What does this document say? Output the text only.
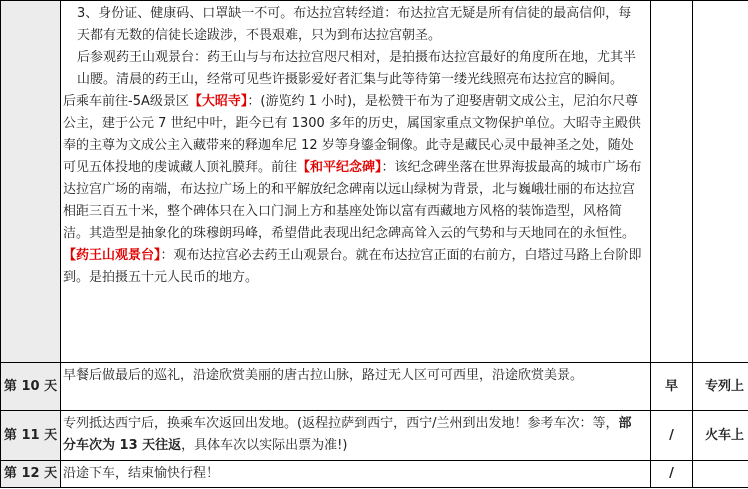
	3、身份证、健康码、口罩缺一不可。布达拉宫转经道：布达拉宫无疑是所有信徒的最高信仰，每天都有无数的信徒长途跋涉，不畏艰难，只为到布达拉宫朝圣。

后参观药王山观景台：药王山与与布达拉宫咫尺相对，是拍摄布达拉宫最好的角度所在地，尤其半山腰。清晨的药王山，经常可见些许摄影爱好者汇集与此等待第一缕光线照亮布达拉宫的瞬间。

后乘车前往-5A级景区【大昭寺】：(游览约 1 小时)，是松赞干布为了迎娶唐朝文成公主，尼泊尔尺尊公主，建于公元 7 世纪中叶，距今已有 1300 多年的历史，属国家重点文物保护单位。大昭寺主殿供奉的主尊为文成公主入藏带来的释迦牟尼 12 岁等身鎏金铜像。此寺是藏民心灵中最神圣之处，随处可见五体投地的虔诚藏人顶礼膜拜。前往【和平纪念碑】：该纪念碑坐落在世界海拔最高的城市广场布达拉宫广场的南端，布达拉广场上的和平解放纪念碑南以远山绿树为背景，北与巍峨壮丽的布达拉宫相距三百五十米，整个碑体只在入口门洞上方和基座处饰以富有西藏地方风格的装饰造型，风格简洁。其造型是抽象化的珠穆朗玛峰，希望借此表现出纪念碑高耸入云的气势和与天地同在的永恒性。

【药王山观景台】：观布达拉宫必去药王山观景台。就在布达拉宫正面的右前方，白塔过马路上台阶即到。是拍摄五十元人民币的地方。		

第 10 天	早餐后做最后的巡礼，沿途欣赏美丽的唐古拉山脉，路过无人区可可西里，沿途欣赏美景。	早	专列上
第 11 天	专列抵达西宁后，换乘车次返回出发地。(返程拉萨到西宁，西宁/兰州到出发地！参考车次：等，部分车次为 13 天往返，具体车次以实际出票为准!)	/	火车上
第 12 天	沿途下车，结束愉快行程！	/	
